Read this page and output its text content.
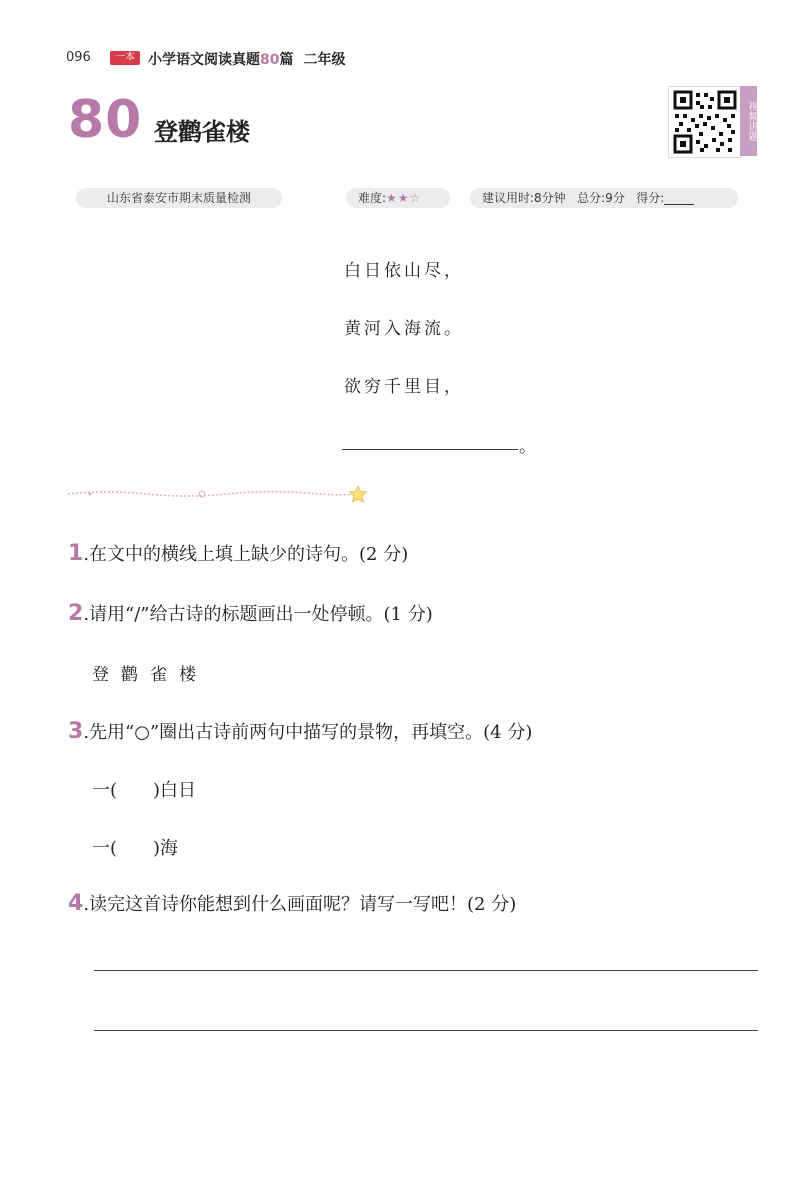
096	一本 小学语文阅读真题80篇 二年级
80 登鹳雀楼	视频讲题
山东省泰安市期末质量检测	难度:★★☆	建议用时:8分钟 总分:9分 得分:
白日依山尽，
黄河入海流。
欲穷千里目，
。
1.在文中的横线上填上缺少的诗句。(2 分)
2.请用“/”给古诗的标题画出一处停顿。(1 分)
登鹳雀楼
3.先用“○”圈出古诗前两句中描写的景物，再填空。(4 分)
一(　　)白日
一(　　)海
4.读完这首诗你能想到什么画面呢？请写一写吧！(2 分)
